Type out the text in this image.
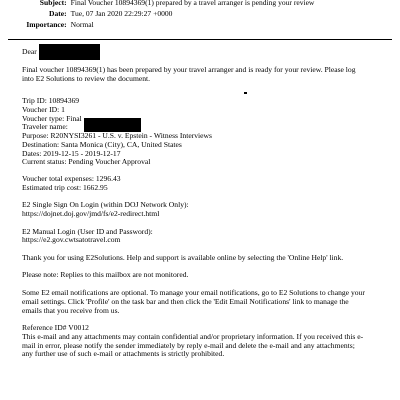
Subject: Final Voucher 10894369(1) prepared by a travel arranger is pending your review
Date: Tue, 07 Jan 2020 22:29:27 +0000
Importance: Normal
Dear
Final voucher 10894369(1) has been prepared by your travel arranger and is ready for your review. Please log
into E2 Solutions to review the document.
Trip ID: 10894369
Voucher ID: 1
Voucher type: Final
Traveler name:
Purpose: R20NYSI3261 - U.S. v. Epstein - Witness Interviews
Destination: Santa Monica (City), CA, United States
Dates: 2019-12-15 - 2019-12-17
Current status: Pending Voucher Approval
Voucher total expenses: 1296.43
Estimated trip cost: 1662.95
E2 Single Sign On Login (within DOJ Network Only):
https://dojnet.doj.gov/jmd/fs/e2-redirect.html
E2 Manual Login (User ID and Password):
https://e2.gov.cwtsatotravel.com
Thank you for using E2Solutions. Help and support is available online by selecting the 'Online Help' link.
Please note: Replies to this mailbox are not monitored.
Some E2 email notifications are optional. To manage your email notifications, go to E2 Solutions to change your
email settings. Click 'Profile' on the task bar and then click the 'Edit Email Notifications' link to manage the
emails that you receive from us.
Reference ID# V0012
This e-mail and any attachments may contain confidential and/or proprietary information. If you received this e-
mail in error, please notify the sender immediately by reply e-mail and delete the e-mail and any attachments;
any further use of such e-mail or attachments is strictly prohibited.
